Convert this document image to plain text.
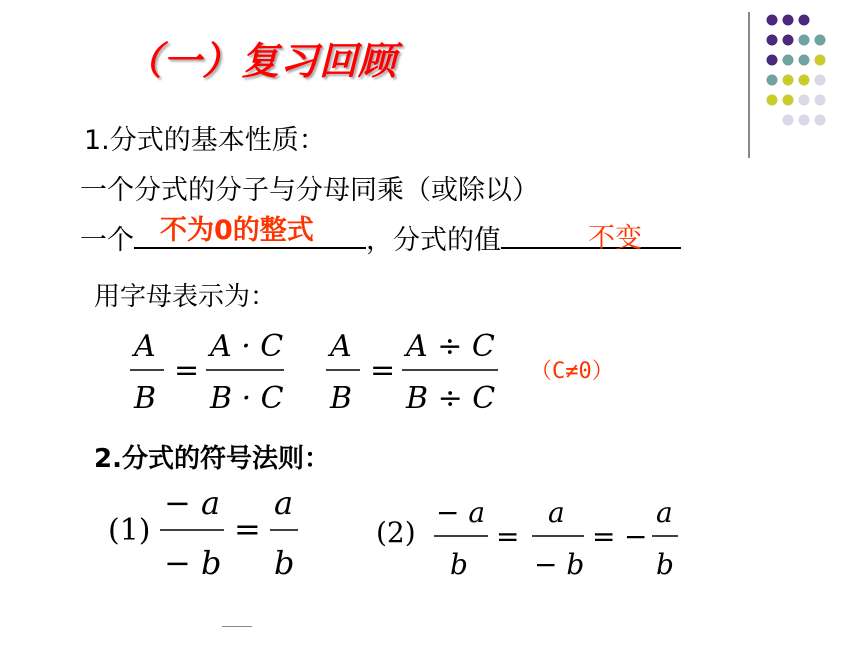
（一）复习回顾
1.分式的基本性质：
一个分式的分子与分母同乘（或除以）
一个	，分式的值
不为0的整式	不变
用字母表示为：
A
B
=
A · C
B · C
A
B
=
A ÷ C
B ÷ C
（C≠0）
2.分式的符号法则：
(1)
− a
− b
=
a
b
(2)
− a
b
=
a
− b
= −
a
b
